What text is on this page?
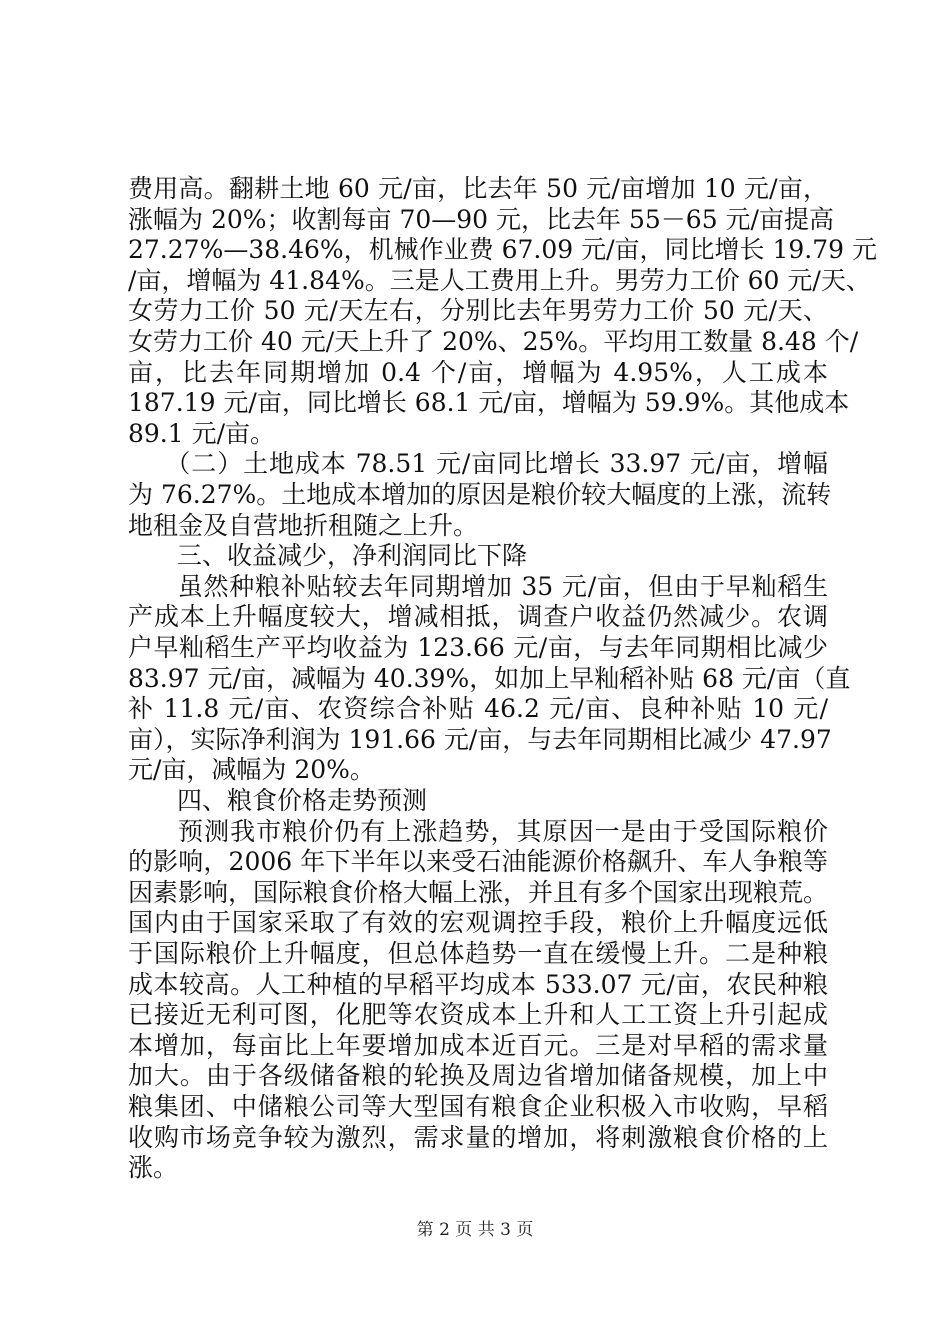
第 2 页 共 3 页
费用高。翻耕土地 60 元/亩，比去年 50 元/亩增加 10 元/亩，
涨幅为 20%；收割每亩 70—90 元，比去年 55－65 元/亩提高
27.27%—38.46%，机械作业费 67.09 元/亩，同比增长 19.79 元
/亩，增幅为 41.84%。三是人工费用上升。男劳力工价 60 元/天、
女劳力工价 50 元/天左右，分别比去年男劳力工价 50 元/天、
女劳力工价 40 元/天上升了 20%、25%。平均用工数量 8.48 个/
亩，比去年同期增加 0.4 个/亩，增幅为 4.95%，人工成本
187.19 元/亩，同比增长 68.1 元/亩，增幅为 59.9%。其他成本
89.1 元/亩。
　（二）土地成本 78.51 元/亩同比增长 33.97 元/亩，增幅
为 76.27%。土地成本增加的原因是粮价较大幅度的上涨，流转
地租金及自营地折租随之上升。
　三、收益减少，净利润同比下降
　虽然种粮补贴较去年同期增加 35 元/亩，但由于早籼稻生
产成本上升幅度较大，增减相抵，调查户收益仍然减少。农调
户早籼稻生产平均收益为 123.66 元/亩，与去年同期相比减少
83.97 元/亩，减幅为 40.39%，如加上早籼稻补贴 68 元/亩（直
补 11.8 元/亩、农资综合补贴 46.2 元/亩、良种补贴 10 元/
亩），实际净利润为 191.66 元/亩，与去年同期相比减少 47.97
元/亩，减幅为 20%。
　四、粮食价格走势预测
　预测我市粮价仍有上涨趋势，其原因一是由于受国际粮价
的影响，2006 年下半年以来受石油能源价格飙升、车人争粮等
因素影响，国际粮食价格大幅上涨，并且有多个国家出现粮荒。
国内由于国家采取了有效的宏观调控手段，粮价上升幅度远低
于国际粮价上升幅度，但总体趋势一直在缓慢上升。二是种粮
成本较高。人工种植的早稻平均成本 533.07 元/亩，农民种粮
已接近无利可图，化肥等农资成本上升和人工工资上升引起成
本增加，每亩比上年要增加成本近百元。三是对早稻的需求量
加大。由于各级储备粮的轮换及周边省增加储备规模，加上中
粮集团、中储粮公司等大型国有粮食企业积极入市收购，早稻
收购市场竞争较为激烈，需求量的增加，将刺激粮食价格的上
涨。
